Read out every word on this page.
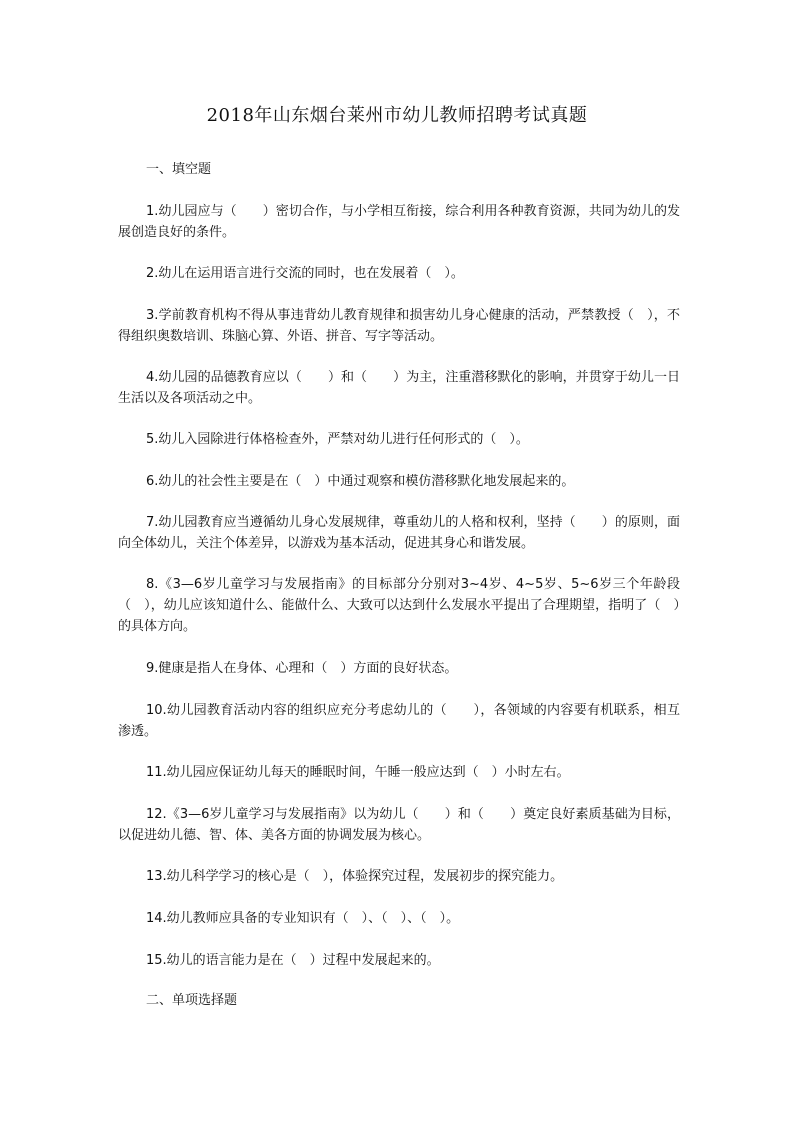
2018年山东烟台莱州市幼儿教师招聘考试真题
一、填空题
1.幼儿园应与（　　）密切合作，与小学相互衔接，综合利用各种教育资源，共同为幼儿的发展创造良好的条件。
2.幼儿在运用语言进行交流的同时，也在发展着（　）。
3.学前教育机构不得从事违背幼儿教育规律和损害幼儿身心健康的活动，严禁教授（　），不得组织奥数培训、珠脑心算、外语、拼音、写字等活动。
4.幼儿园的品德教育应以（　　）和（　　）为主，注重潜移默化的影响，并贯穿于幼儿一日生活以及各项活动之中。
5.幼儿入园除进行体格检查外，严禁对幼儿进行任何形式的（　）。
6.幼儿的社会性主要是在（　）中通过观察和模仿潜移默化地发展起来的。
7.幼儿园教育应当遵循幼儿身心发展规律，尊重幼儿的人格和权利，坚持（　　）的原则，面向全体幼儿，关注个体差异，以游戏为基本活动，促进其身心和谐发展。
8.《3—6岁儿童学习与发展指南》的目标部分分别对3~4岁、4~5岁、5~6岁三个年龄段（　），幼儿应该知道什么、能做什么、大致可以达到什么发展水平提出了合理期望，指明了（　）的具体方向。
9.健康是指人在身体、心理和（　）方面的良好状态。
10.幼儿园教育活动内容的组织应充分考虑幼儿的（　　），各领域的内容要有机联系，相互渗透。
11.幼儿园应保证幼儿每天的睡眠时间，午睡一般应达到（　）小时左右。
12.《3—6岁儿童学习与发展指南》以为幼儿（　　）和（　　）奠定良好素质基础为目标，以促进幼儿德、智、体、美各方面的协调发展为核心。
13.幼儿科学学习的核心是（　），体验探究过程，发展初步的探究能力。
14.幼儿教师应具备的专业知识有（　）、（　）、（　）。
15.幼儿的语言能力是在（　）过程中发展起来的。
二、单项选择题
